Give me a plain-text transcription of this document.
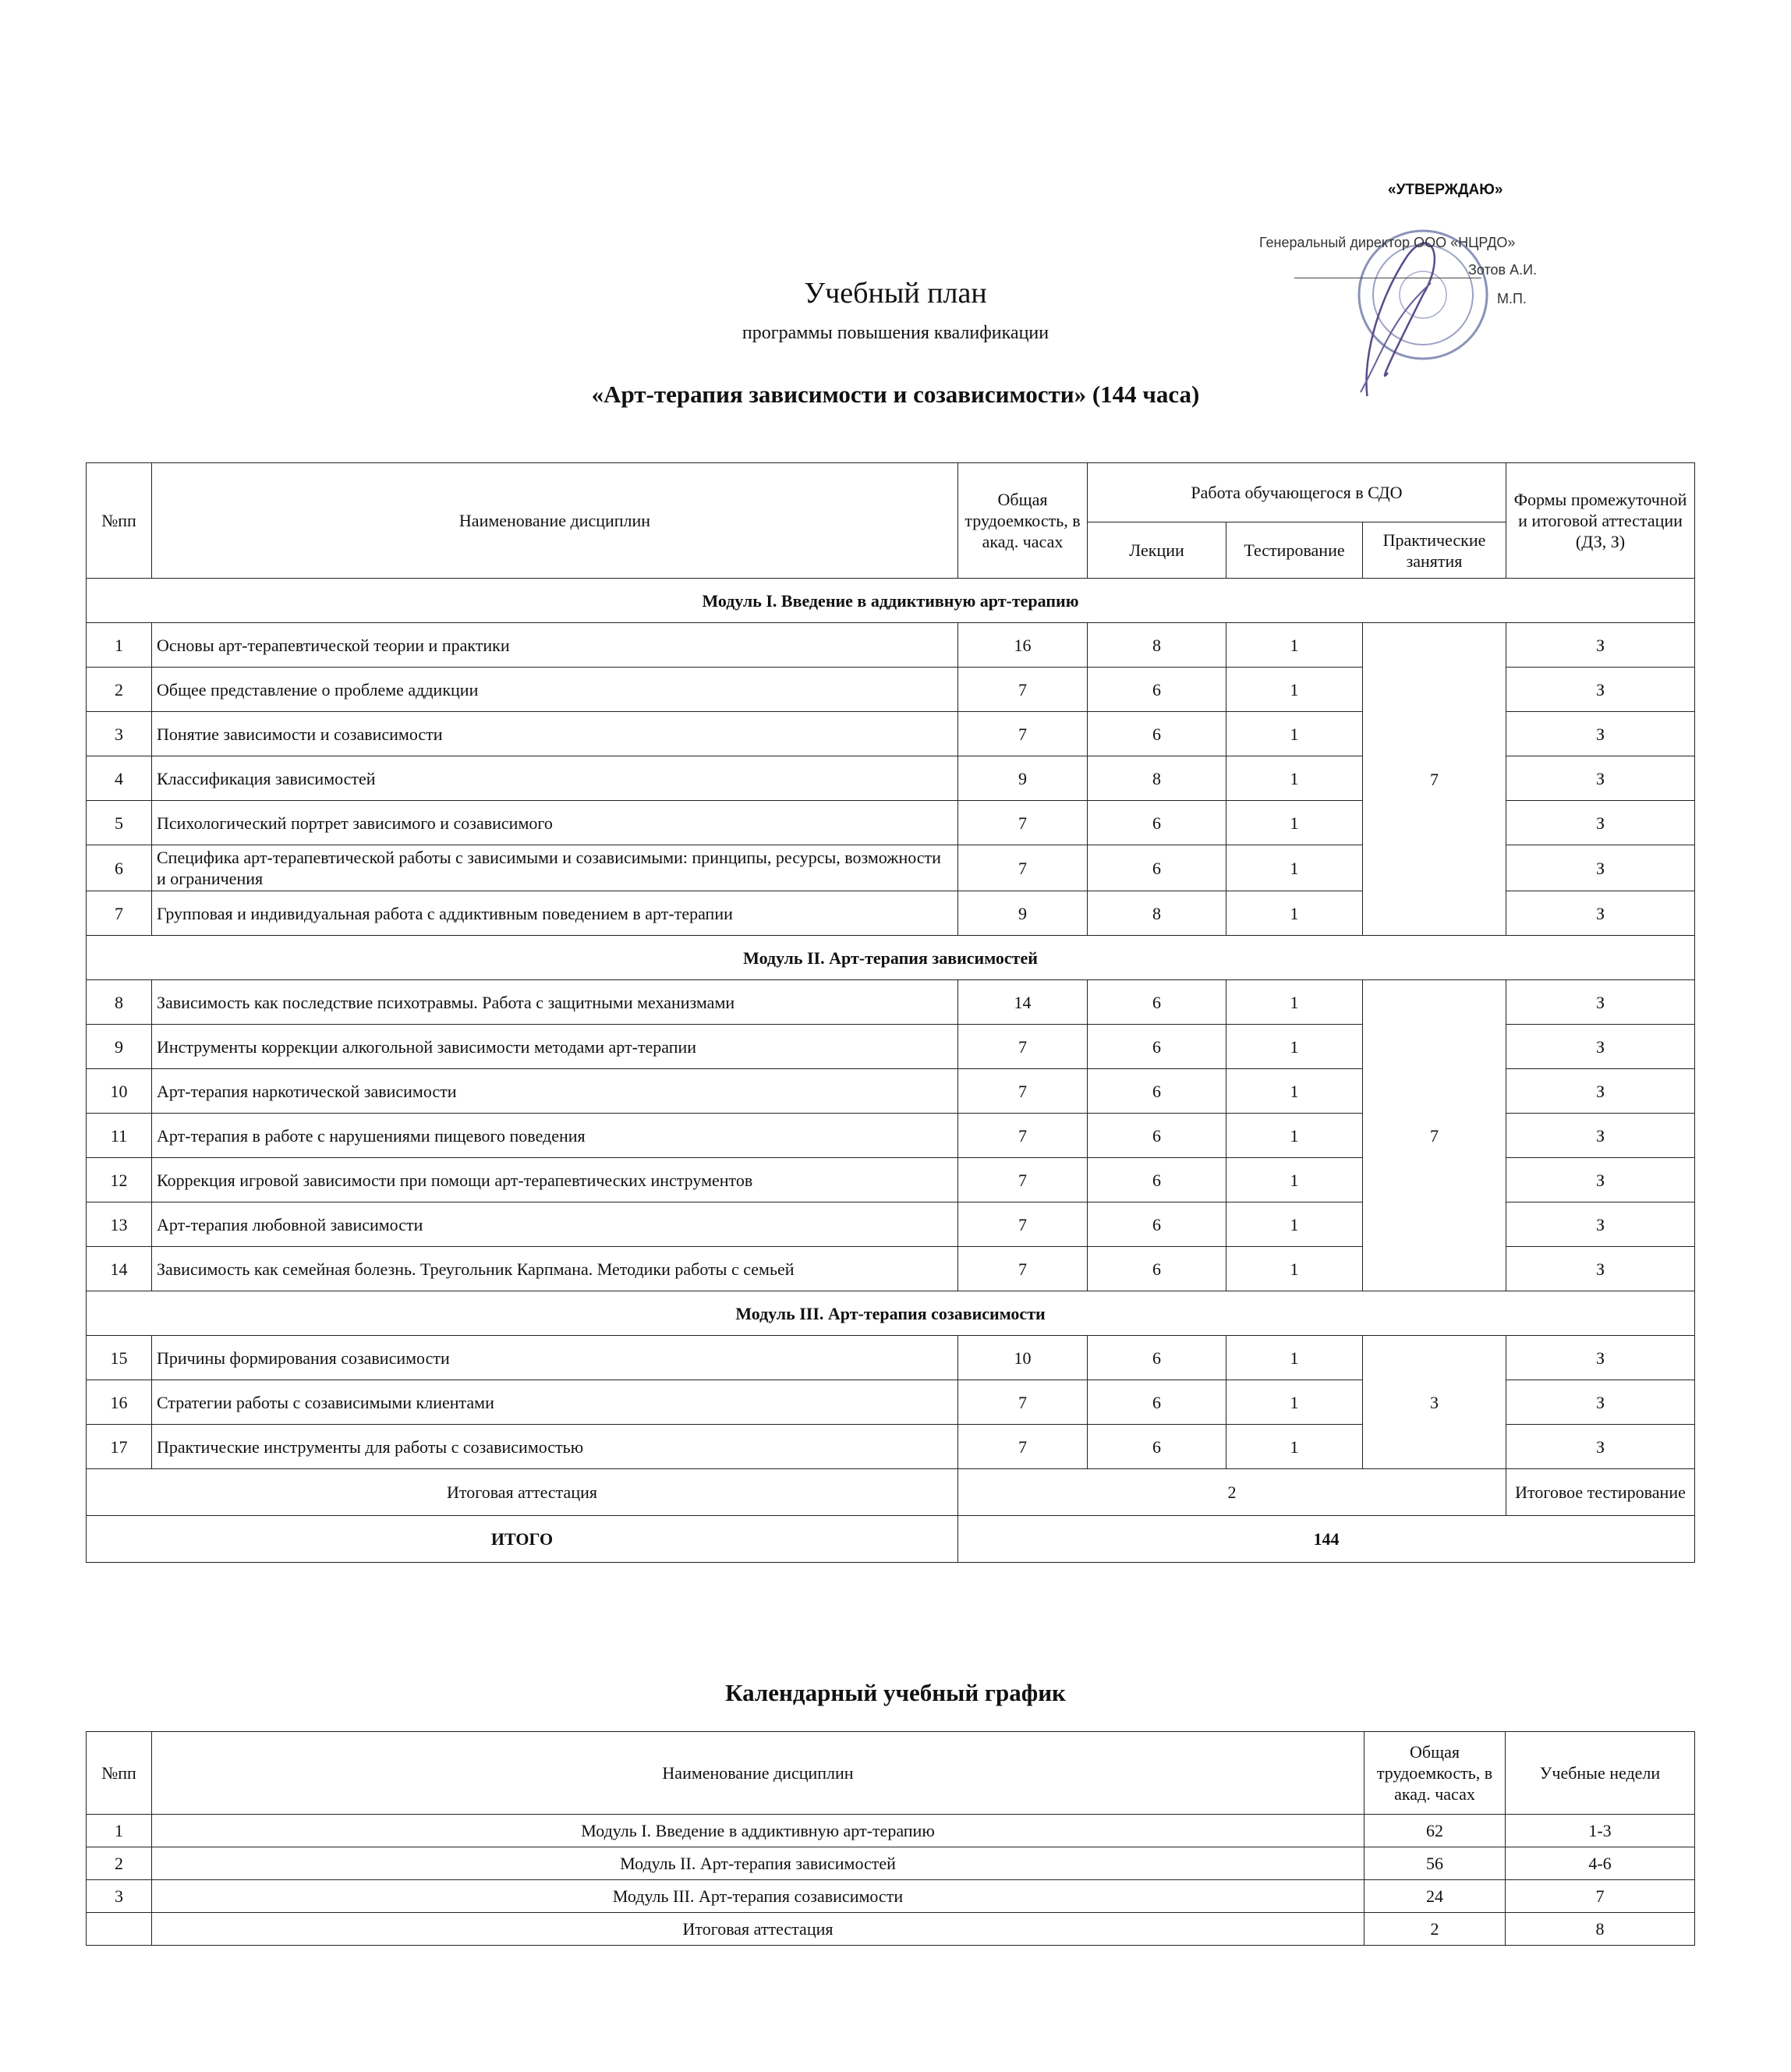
«УТВЕРЖДАЮ»
Генеральный директор ООО «НЦРДО»
Зотов А.И.
М.П.
Учебный план
программы повышения квалификации
«Арт-терапия зависимости и созависимости» (144 часа)
№пп	Наименование дисциплин	Общая трудоемкость, в акад. часах	Работа обучающегося в СДО			Формы промежуточной и итоговой аттестации (ДЗ, З)
			Лекции	Тестирование	Практические занятия	
Модуль I. Введение в аддиктивную арт-терапию						
1	Основы арт-терапевтической теории и практики	16	8	1	7	З
2	Общее представление о проблеме аддикции	7	6	1		З
3	Понятие зависимости и созависимости	7	6	1		З
4	Классификация зависимостей	9	8	1		З
5	Психологический портрет зависимого и созависимого	7	6	1		З
6	Специфика арт-терапевтической работы с зависимыми и созависимыми: принципы, ресурсы, возможности и ограничения	7	6	1		З
7	Групповая и индивидуальная работа с аддиктивным поведением в арт-терапии	9	8	1		З
Модуль II. Арт-терапия зависимостей						
8	Зависимость как последствие психотравмы. Работа с защитными механизмами	14	6	1	7	З
9	Инструменты коррекции алкогольной зависимости методами арт-терапии	7	6	1		З
10	Арт-терапия наркотической зависимости	7	6	1		З
11	Арт-терапия в работе с нарушениями пищевого поведения	7	6	1		З
12	Коррекция игровой зависимости при помощи арт-терапевтических инструментов	7	6	1		З
13	Арт-терапия любовной зависимости	7	6	1		З
14	Зависимость как семейная болезнь. Треугольник Карпмана. Методики работы с семьей	7	6	1		З
Модуль III. Арт-терапия созависимости						
15	Причины формирования созависимости	10	6	1	3	З
16	Стратегии работы с созависимыми клиентами	7	6	1		З
17	Практические инструменты для работы с созависимостью	7	6	1		З
Итоговая аттестация		2				Итоговое тестирование
ИТОГО		144				
Календарный учебный график
№пп	Наименование дисциплин	Общая трудоемкость, в акад. часах	Учебные недели
1	Модуль I. Введение в аддиктивную арт-терапию	62	1-3
2	Модуль II. Арт-терапия зависимостей	56	4-6
3	Модуль III. Арт-терапия созависимости	24	7
	Итоговая аттестация	2	8
